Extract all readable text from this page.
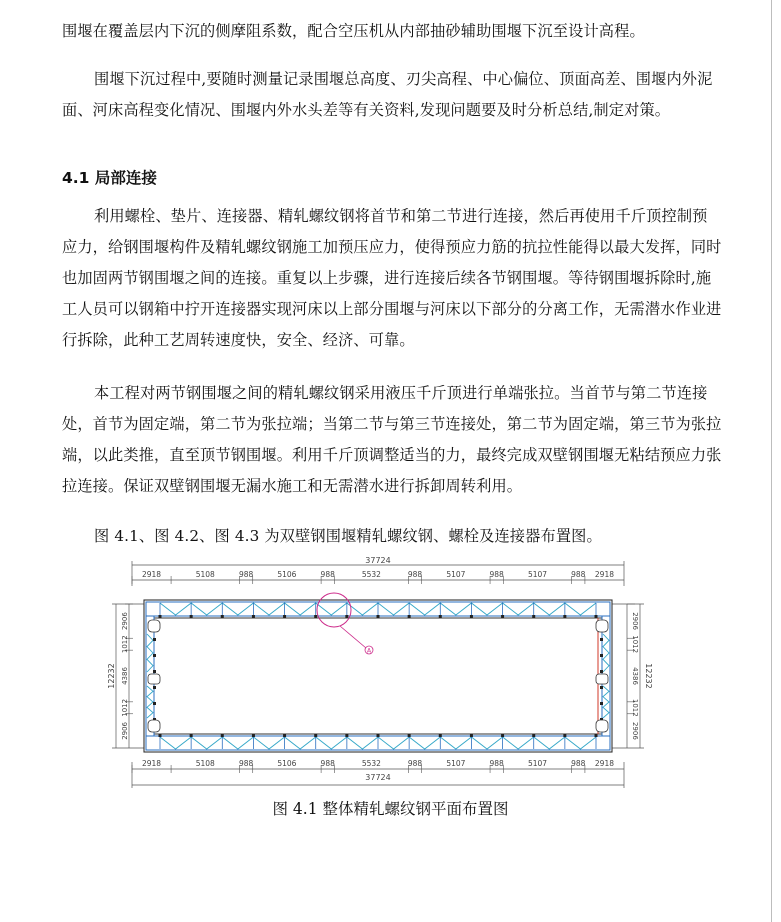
围堰在覆盖层内下沉的侧摩阻系数，配合空压机从内部抽砂辅助围堰下沉至设计高程。

围堰下沉过程中,要随时测量记录围堰总高度、刃尖高程、中心偏位、顶面高差、围堰内外泥面、河床高程变化情况、围堰内外水头差等有关资料,发现问题要及时分析总结,制定对策。

4.1 局部连接

利用螺栓、垫片、连接器、精轧螺纹钢将首节和第二节进行连接，然后再使用千斤顶控制预应力，给钢围堰构件及精轧螺纹钢施工加预压应力，使得预应力筋的抗拉性能得以最大发挥，同时也加固两节钢围堰之间的连接。重复以上步骤，进行连接后续各节钢围堰。等待钢围堰拆除时,施工人员可以钢箱中拧开连接器实现河床以上部分围堰与河床以下部分的分离工作，无需潜水作业进行拆除，此种工艺周转速度快，安全、经济、可靠。

本工程对两节钢围堰之间的精轧螺纹钢采用液压千斤顶进行单端张拉。当首节与第二节连接处，首节为固定端，第二节为张拉端；当第二节与第三节连接处，第二节为固定端，第三节为张拉端，以此类推，直至顶节钢围堰。利用千斤顶调整适当的力，最终完成双壁钢围堰无粘结预应力张拉连接。保证双壁钢围堰无漏水施工和无需潜水进行拆卸周转利用。

图 4.1、图 4.2、图 4.3 为双壁钢围堰精轧螺纹钢、螺栓及连接器布置图。

37724
37724
12232	12232
2918	5108	988	5106	988	5532	988	5107	988	5107	988 2918
2918	5108	988	5106	988	5532	988	5107	988	5107	988 2918
2906
1012
4386
1012
2906
2906
1012
4386
1012
2906
A

图 4.1 整体精轧螺纹钢平面布置图
